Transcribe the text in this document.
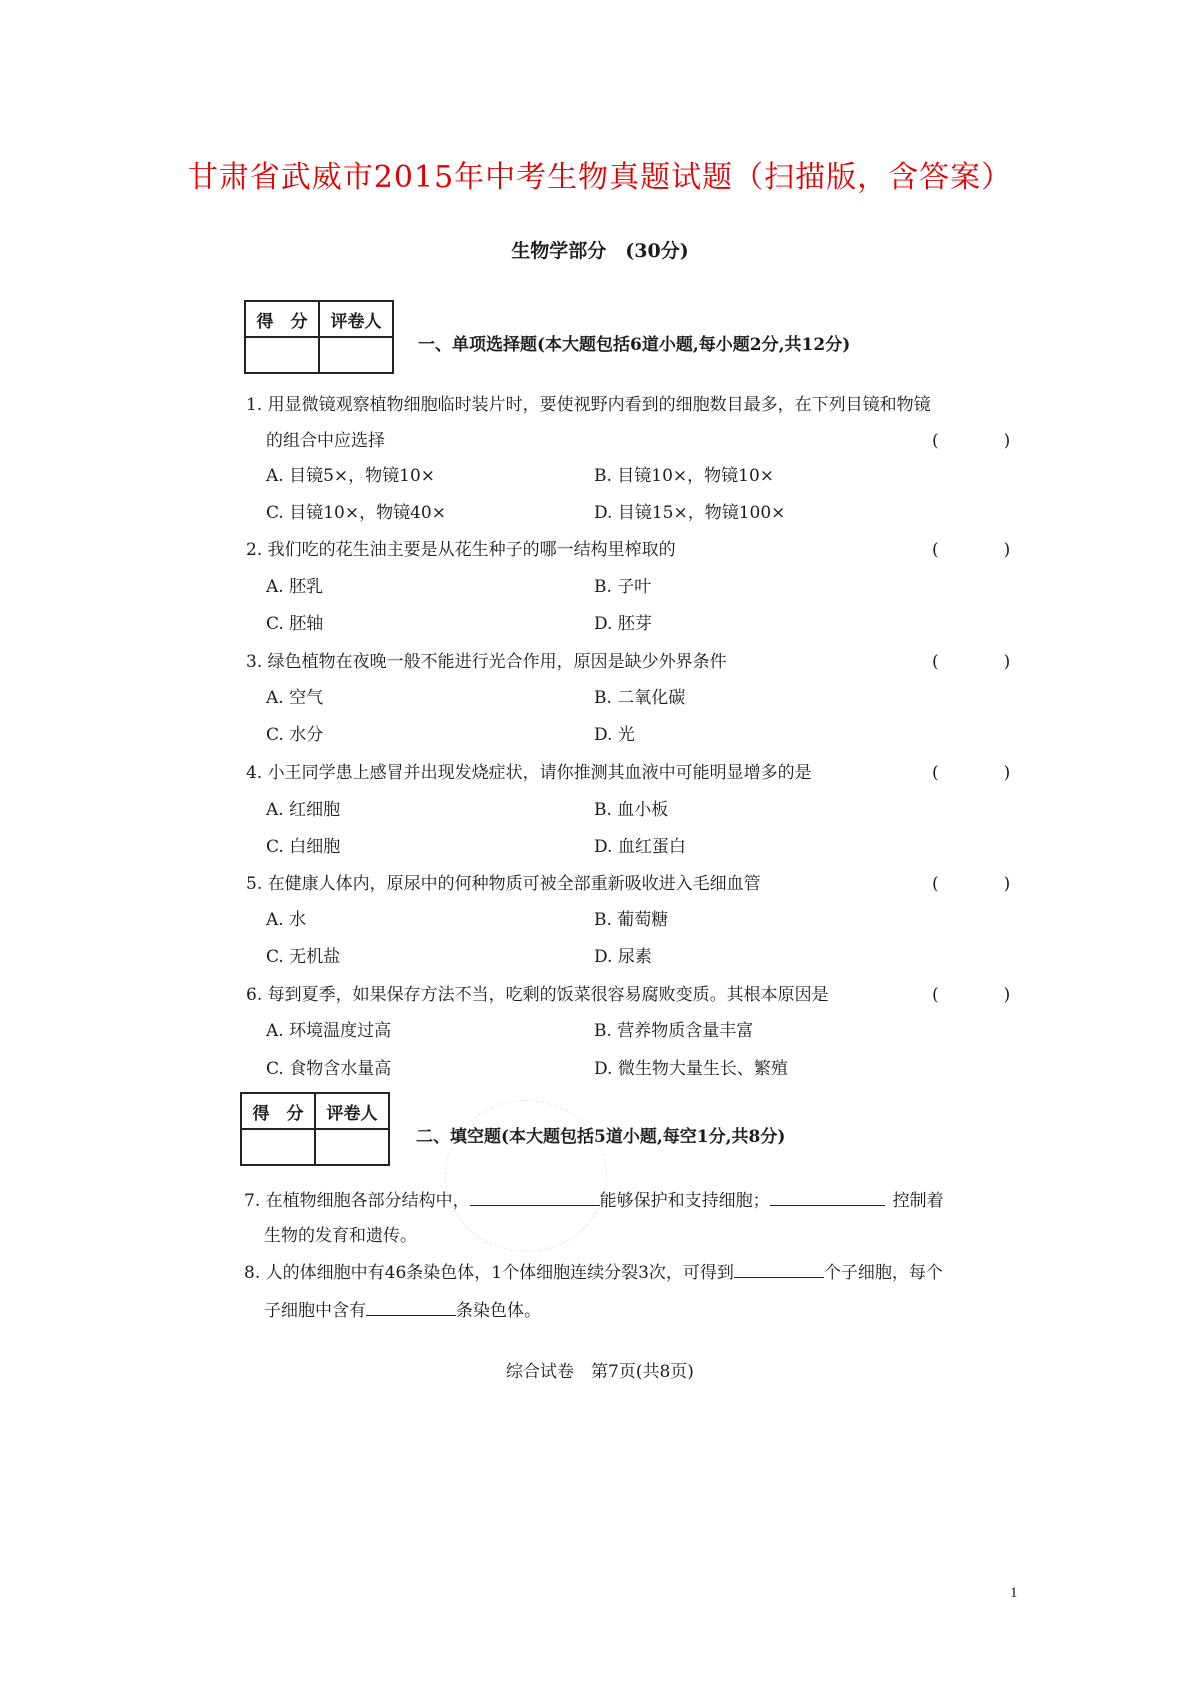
甘肃省武威市2015年中考生物真题试题（扫描版，含答案）
生物学部分　(30分)
得　分	评卷人

一、单项选择题(本大题包括6道小题,每小题2分,共12分)
1. 用显微镜观察植物细胞临时装片时，要使视野内看到的细胞数目最多，在下列目镜和物镜
的组合中应选择	(　)
A. 目镜5×，物镜10×	B. 目镜10×，物镜10×
C. 目镜10×，物镜40×	D. 目镜15×，物镜100×
2. 我们吃的花生油主要是从花生种子的哪一结构里榨取的	(　)
A. 胚乳	B. 子叶
C. 胚轴	D. 胚芽
3. 绿色植物在夜晚一般不能进行光合作用，原因是缺少外界条件	(　)
A. 空气	B. 二氧化碳
C. 水分	D. 光
4. 小王同学患上感冒并出现发烧症状，请你推测其血液中可能明显增多的是	(　)
A. 红细胞	B. 血小板
C. 白细胞	D. 血红蛋白
5. 在健康人体内，原尿中的何种物质可被全部重新吸收进入毛细血管	(　)
A. 水	B. 葡萄糖
C. 无机盐	D. 尿素
6. 每到夏季，如果保存方法不当，吃剩的饭菜很容易腐败变质。其根本原因是	(　)
A. 环境温度过高	B. 营养物质含量丰富
C. 食物含水量高	D. 微生物大量生长、繁殖
得　分	评卷人

二、填空题(本大题包括5道小题,每空1分,共8分)
7. 在植物细胞各部分结构中，	能够保护和支持细胞；	控制着
生物的发育和遗传。
8. 人的体细胞中有46条染色体，1个体细胞连续分裂3次，可得到	个子细胞，每个
子细胞中含有	条染色体。
综合试卷　第7页(共8页)
1
